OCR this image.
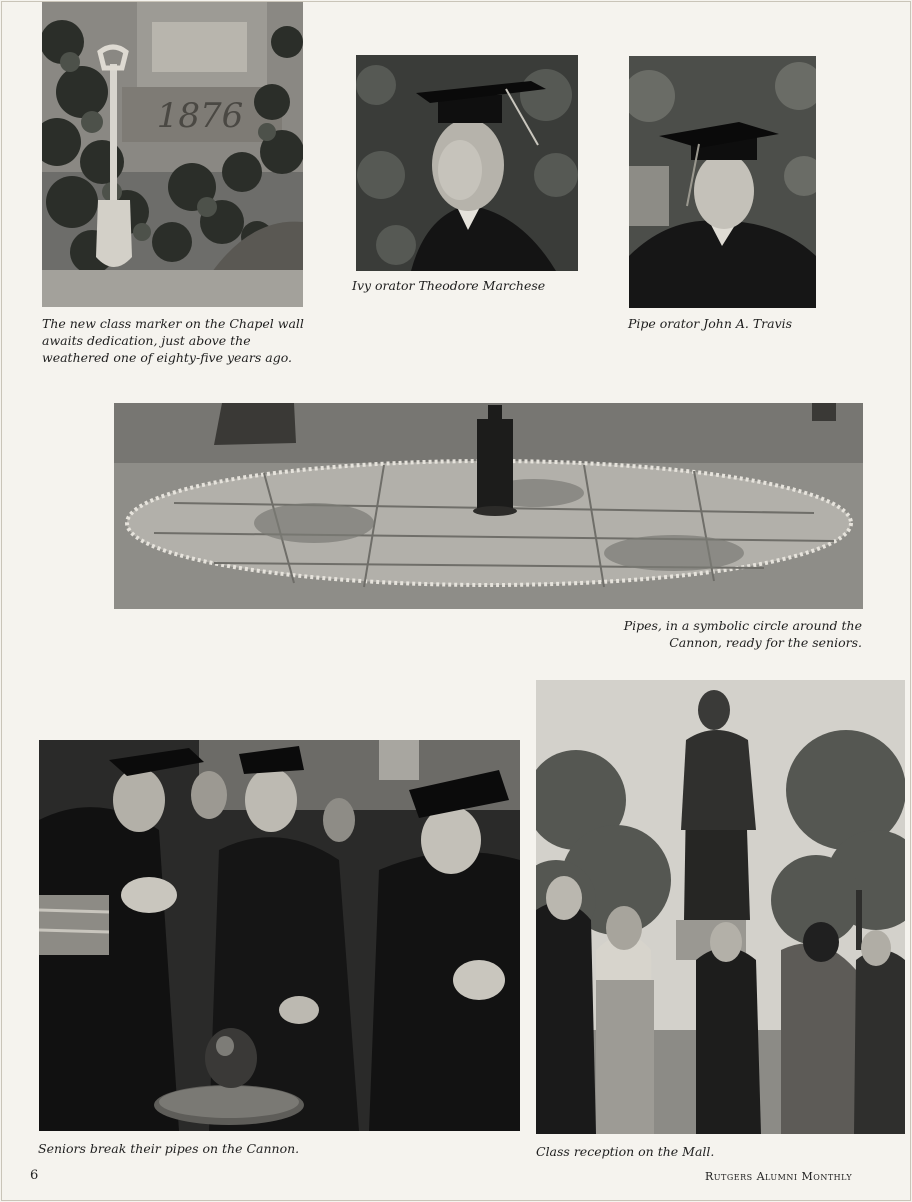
1876

The new class marker on the Chapel wall awaits dedication, just above the weathered one of eighty-five years ago.

Ivy orator Theodore Marchese

Pipe orator John A. Travis

Pipes, in a symbolic circle around the Cannon, ready for the seniors.

Seniors break their pipes on the Cannon.	Class reception on the Mall.

6	Rutgers Alumni Monthly
